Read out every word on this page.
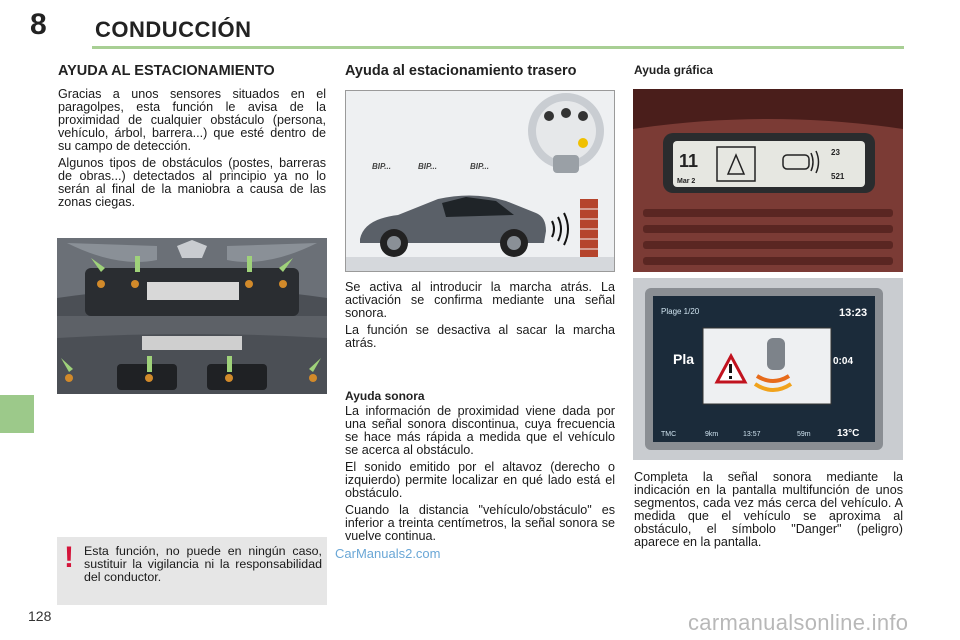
8 CONDUCCIÓN
AYUDA AL ESTACIONAMIENTO

Gracias a unos sensores situados en el paragolpes, esta función le avisa de la proximidad de cualquier obstáculo (persona, vehículo, árbol, barrera...) que esté dentro de su campo de detección.

Algunos tipos de obstáculos (postes, barreras de obras...) detectados al principio ya no lo serán al final de la maniobra a causa de las zonas ciegas.

! Esta función, no puede en ningún caso, sustituir la vigilancia ni la responsabilidad del conductor.
Ayuda al estacionamiento trasero
BIP...	BIP...	BIP...

Se activa al introducir la marcha atrás. La activación se confirma mediante una señal sonora.

La función se desactiva al sacar la marcha atrás.

Ayuda sonora

La información de proximidad viene dada por una señal sonora discontinua, cuya frecuencia se hace más rápida a medida que el vehículo se acerca al obstáculo.

El sonido emitido por el altavoz (derecho o izquierdo) permite localizar en qué lado está el obstáculo.

Cuando la distancia "vehículo/obstáculo" es inferior a treinta centímetros, la señal sonora se vuelve continua.

Ayuda gráfica
11
Mar 2
23
521
Plage 1/20	13:23
Pla	0:04
TMC	9km	13:57	59m	13°C

Completa la señal sonora mediante la indicación en la pantalla multifunción de unos segmentos, cada vez más cerca del vehículo. A medida que el vehículo se aproxima al obstáculo, el símbolo "Danger" (peligro) aparece en la pantalla.

128
CarManuals2.com
carmanualsonline.info
